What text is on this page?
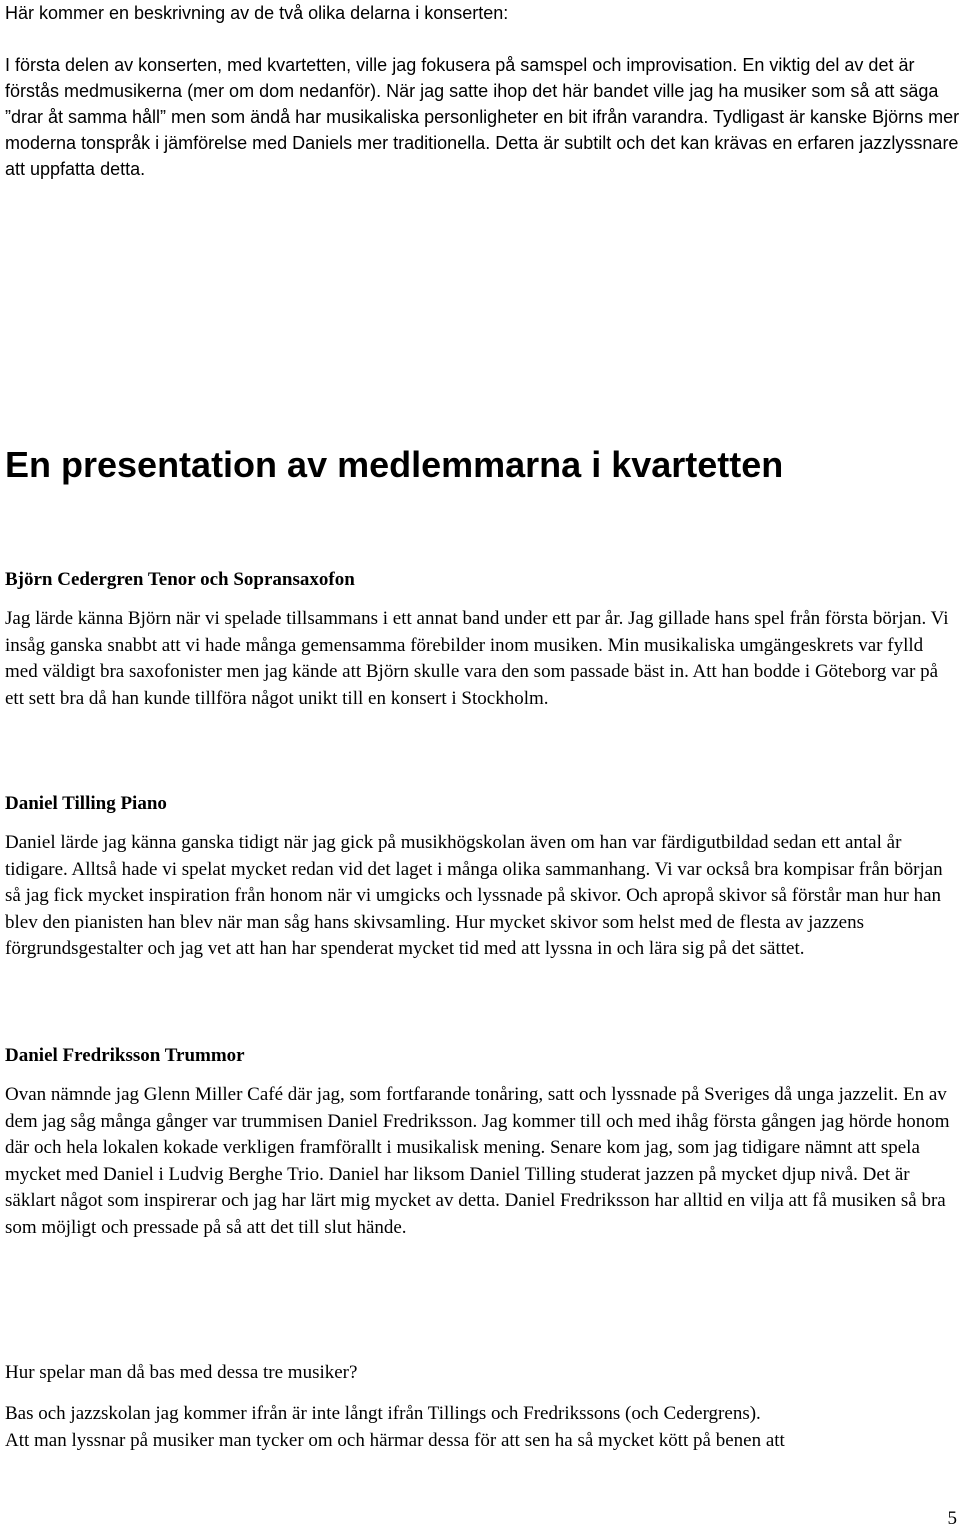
Här kommer en beskrivning av de två olika delarna i konserten:

I första delen av konserten, med kvartetten, ville jag fokusera på samspel och improvisation. En viktig del av det är förstås medmusikerna (mer om dom nedanför). När jag satte ihop det här bandet ville jag ha musiker som så att säga ”drar åt samma håll” men som ändå har musikaliska personligheter en bit ifrån varandra. Tydligast är kanske Björns mer moderna tonspråk i jämförelse med Daniels mer traditionella. Detta är subtilt och det kan krävas en erfaren jazzlyssnare att uppfatta detta.

En presentation av medlemmarna i kvartetten
Björn Cedergren Tenor och Sopransaxofon

Jag lärde känna Björn när vi spelade tillsammans i ett annat band under ett par år. Jag gillade hans spel från första början. Vi insåg ganska snabbt att vi hade många gemensamma förebilder inom musiken. Min musikaliska umgängeskrets var fylld med väldigt bra saxofonister men jag kände att Björn skulle vara den som passade bäst in. Att han bodde i Göteborg var på ett sett bra då han kunde tillföra något unikt till en konsert i Stockholm.

Daniel Tilling Piano

Daniel lärde jag känna ganska tidigt när jag gick på musikhögskolan även om han var färdigutbildad sedan ett antal år tidigare. Alltså hade vi spelat mycket redan vid det laget i många olika sammanhang. Vi var också bra kompisar från början så jag fick mycket inspiration från honom när vi umgicks och lyssnade på skivor. Och apropå skivor så förstår man hur han blev den pianisten han blev när man såg hans skivsamling. Hur mycket skivor som helst med de flesta av jazzens förgrundsgestalter och jag vet att han har spenderat mycket tid med att lyssna in och lära sig på det sättet.

Daniel Fredriksson Trummor

Ovan nämnde jag Glenn Miller Café där jag, som fortfarande tonåring, satt och lyssnade på Sveriges då unga jazzelit. En av dem jag såg många gånger var trummisen Daniel Fredriksson. Jag kommer till och med ihåg första gången jag hörde honom där och hela lokalen kokade verkligen framförallt i musikalisk mening. Senare kom jag, som jag tidigare nämnt att spela mycket med Daniel i Ludvig Berghe Trio. Daniel har liksom Daniel Tilling studerat jazzen på mycket djup nivå. Det är säklart något som inspirerar och jag har lärt mig mycket av detta. Daniel Fredriksson har alltid en vilja att få musiken så bra som möjligt och pressade på så att det till slut hände.

Hur spelar man då bas med dessa tre musiker?

Bas och jazzskolan jag kommer ifrån är inte långt ifrån Tillings och Fredrikssons (och Cedergrens).

Att man lyssnar på musiker man tycker om och härmar dessa för att sen ha så mycket kött på benen att

5
